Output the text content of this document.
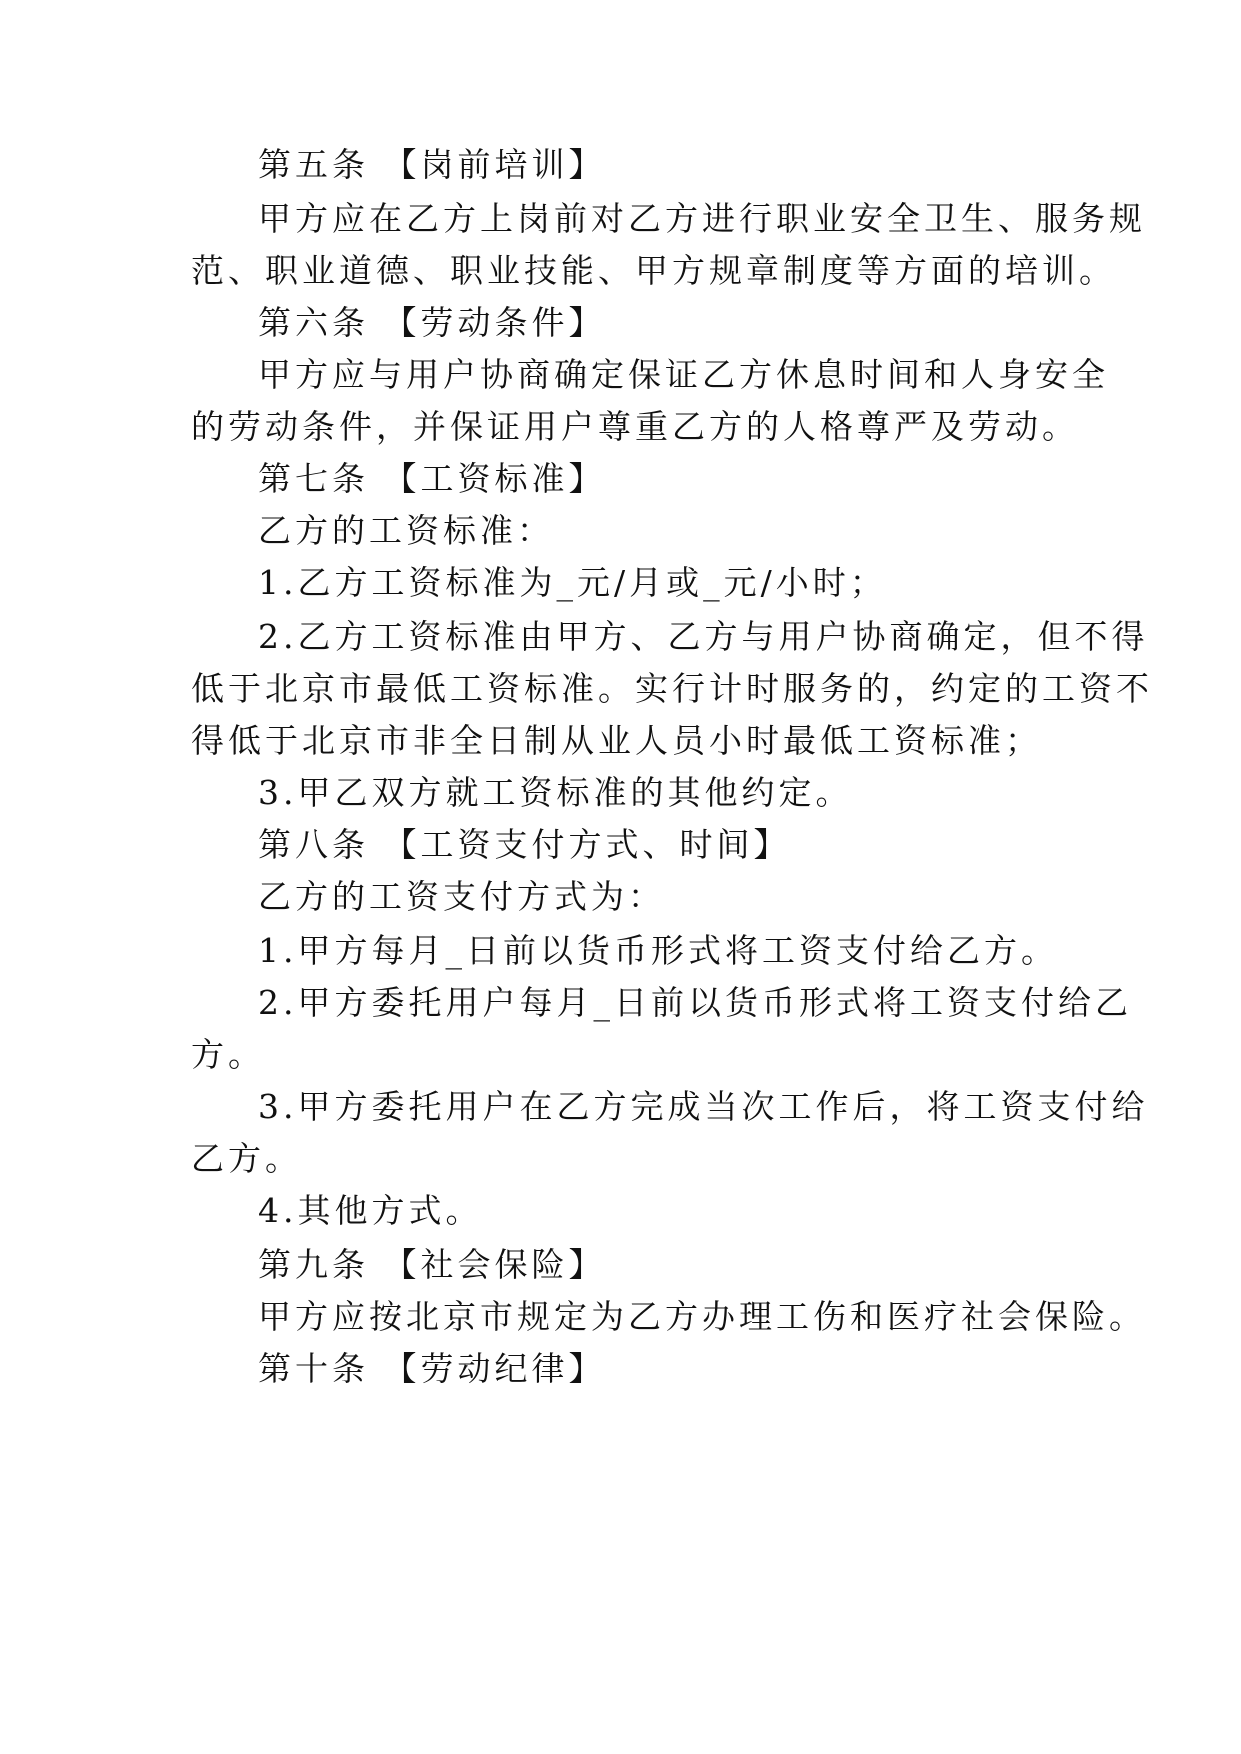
第五条 【岗前培训】
甲方应在乙方上岗前对乙方进行职业安全卫生、服务规
范、职业道德、职业技能、甲方规章制度等方面的培训。
第六条 【劳动条件】
甲方应与用户协商确定保证乙方休息时间和人身安全
的劳动条件，并保证用户尊重乙方的人格尊严及劳动。
第七条 【工资标准】
乙方的工资标准：
1.乙方工资标准为_元/月或_元/小时；
2.乙方工资标准由甲方、乙方与用户协商确定，但不得
低于北京市最低工资标准。实行计时服务的，约定的工资不
得低于北京市非全日制从业人员小时最低工资标准；
3.甲乙双方就工资标准的其他约定。
第八条 【工资支付方式、时间】
乙方的工资支付方式为：
1.甲方每月_日前以货币形式将工资支付给乙方。
2.甲方委托用户每月_日前以货币形式将工资支付给乙
方。
3.甲方委托用户在乙方完成当次工作后，将工资支付给
乙方。
4.其他方式。
第九条 【社会保险】
甲方应按北京市规定为乙方办理工伤和医疗社会保险。
第十条 【劳动纪律】
